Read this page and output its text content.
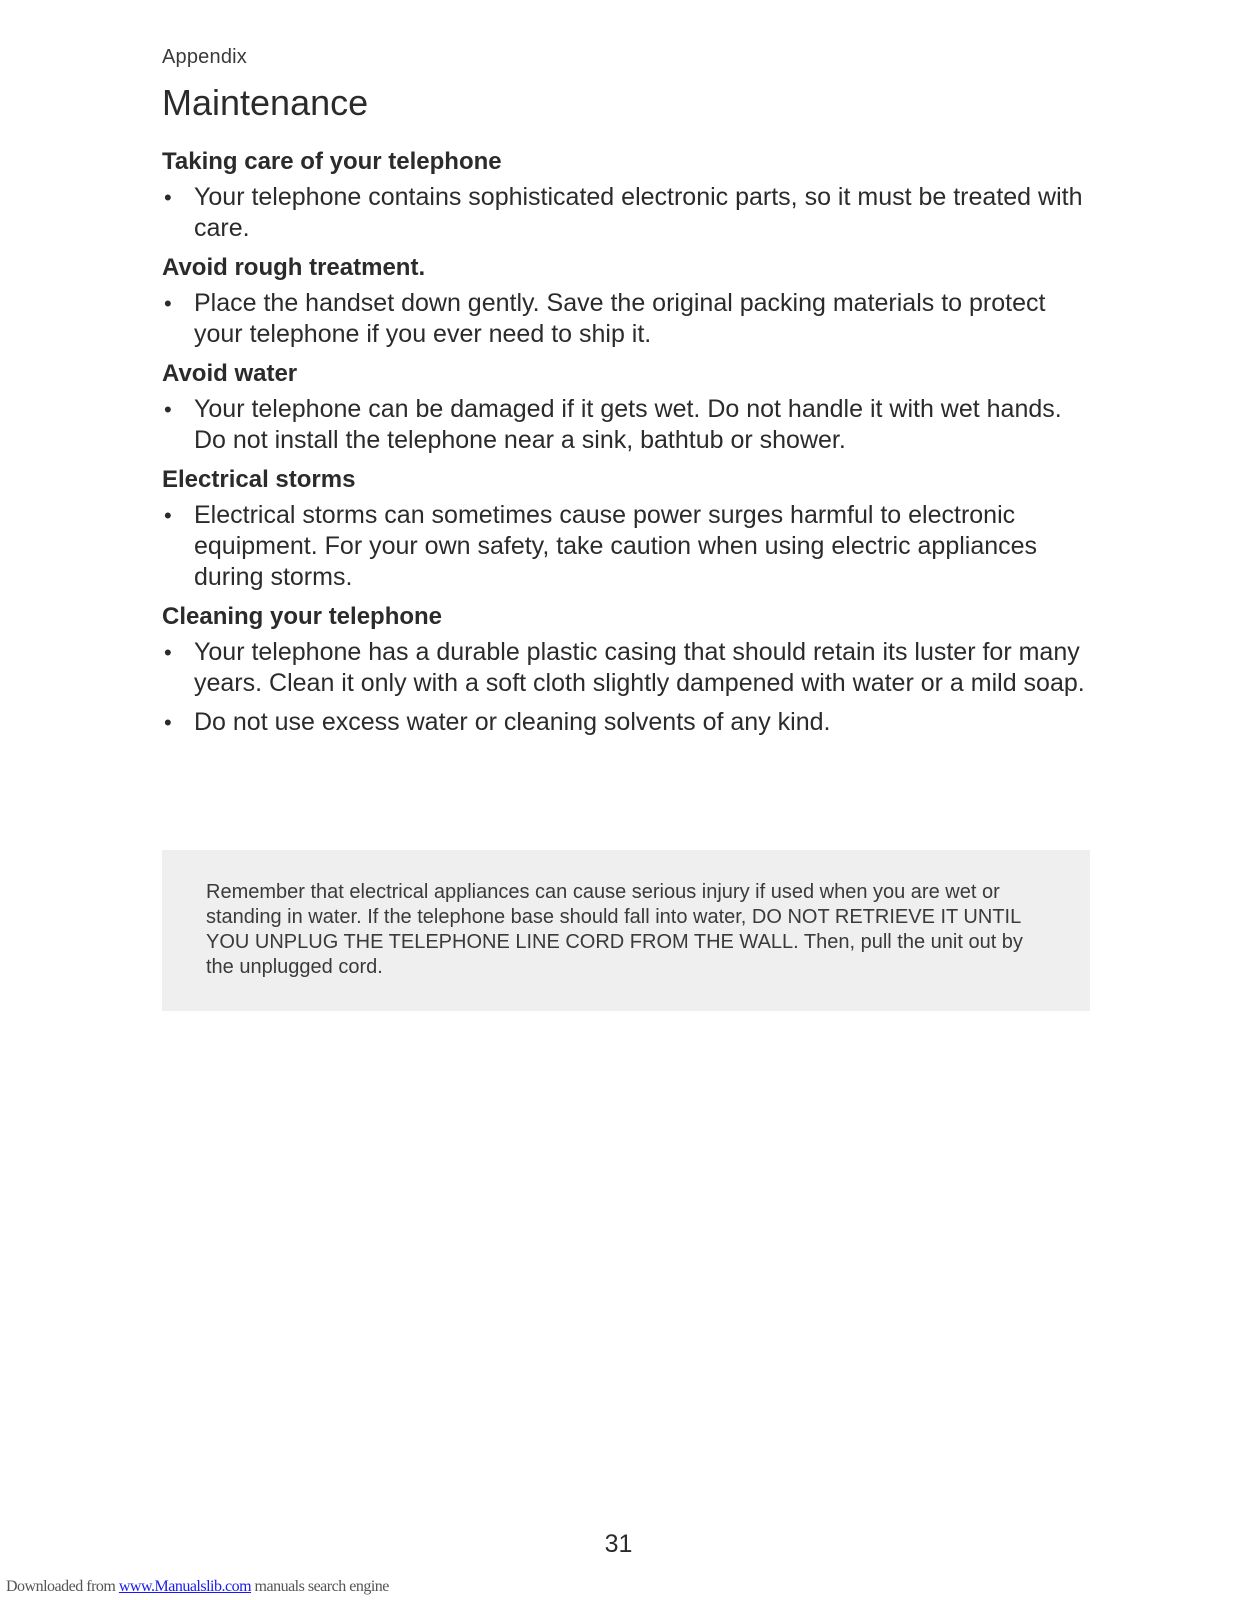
Appendix
Maintenance
Taking care of your telephone
• Your telephone contains sophisticated electronic parts, so it must be treated with care.
Avoid rough treatment.
• Place the handset down gently. Save the original packing materials to protect your telephone if you ever need to ship it.
Avoid water
• Your telephone can be damaged if it gets wet. Do not handle it with wet hands. Do not install the telephone near a sink, bathtub or shower.
Electrical storms
• Electrical storms can sometimes cause power surges harmful to electronic equipment. For your own safety, take caution when using electric appliances during storms.
Cleaning your telephone
• Your telephone has a durable plastic casing that should retain its luster for many years. Clean it only with a soft cloth slightly dampened with water or a mild soap.
• Do not use excess water or cleaning solvents of any kind.

Remember that electrical appliances can cause serious injury if used when you are wet or standing in water. If the telephone base should fall into water, DO NOT RETRIEVE IT UNTIL YOU UNPLUG THE TELEPHONE LINE CORD FROM THE WALL. Then, pull the unit out by the unplugged cord.

31
Downloaded from www.Manualslib.com manuals search engine
